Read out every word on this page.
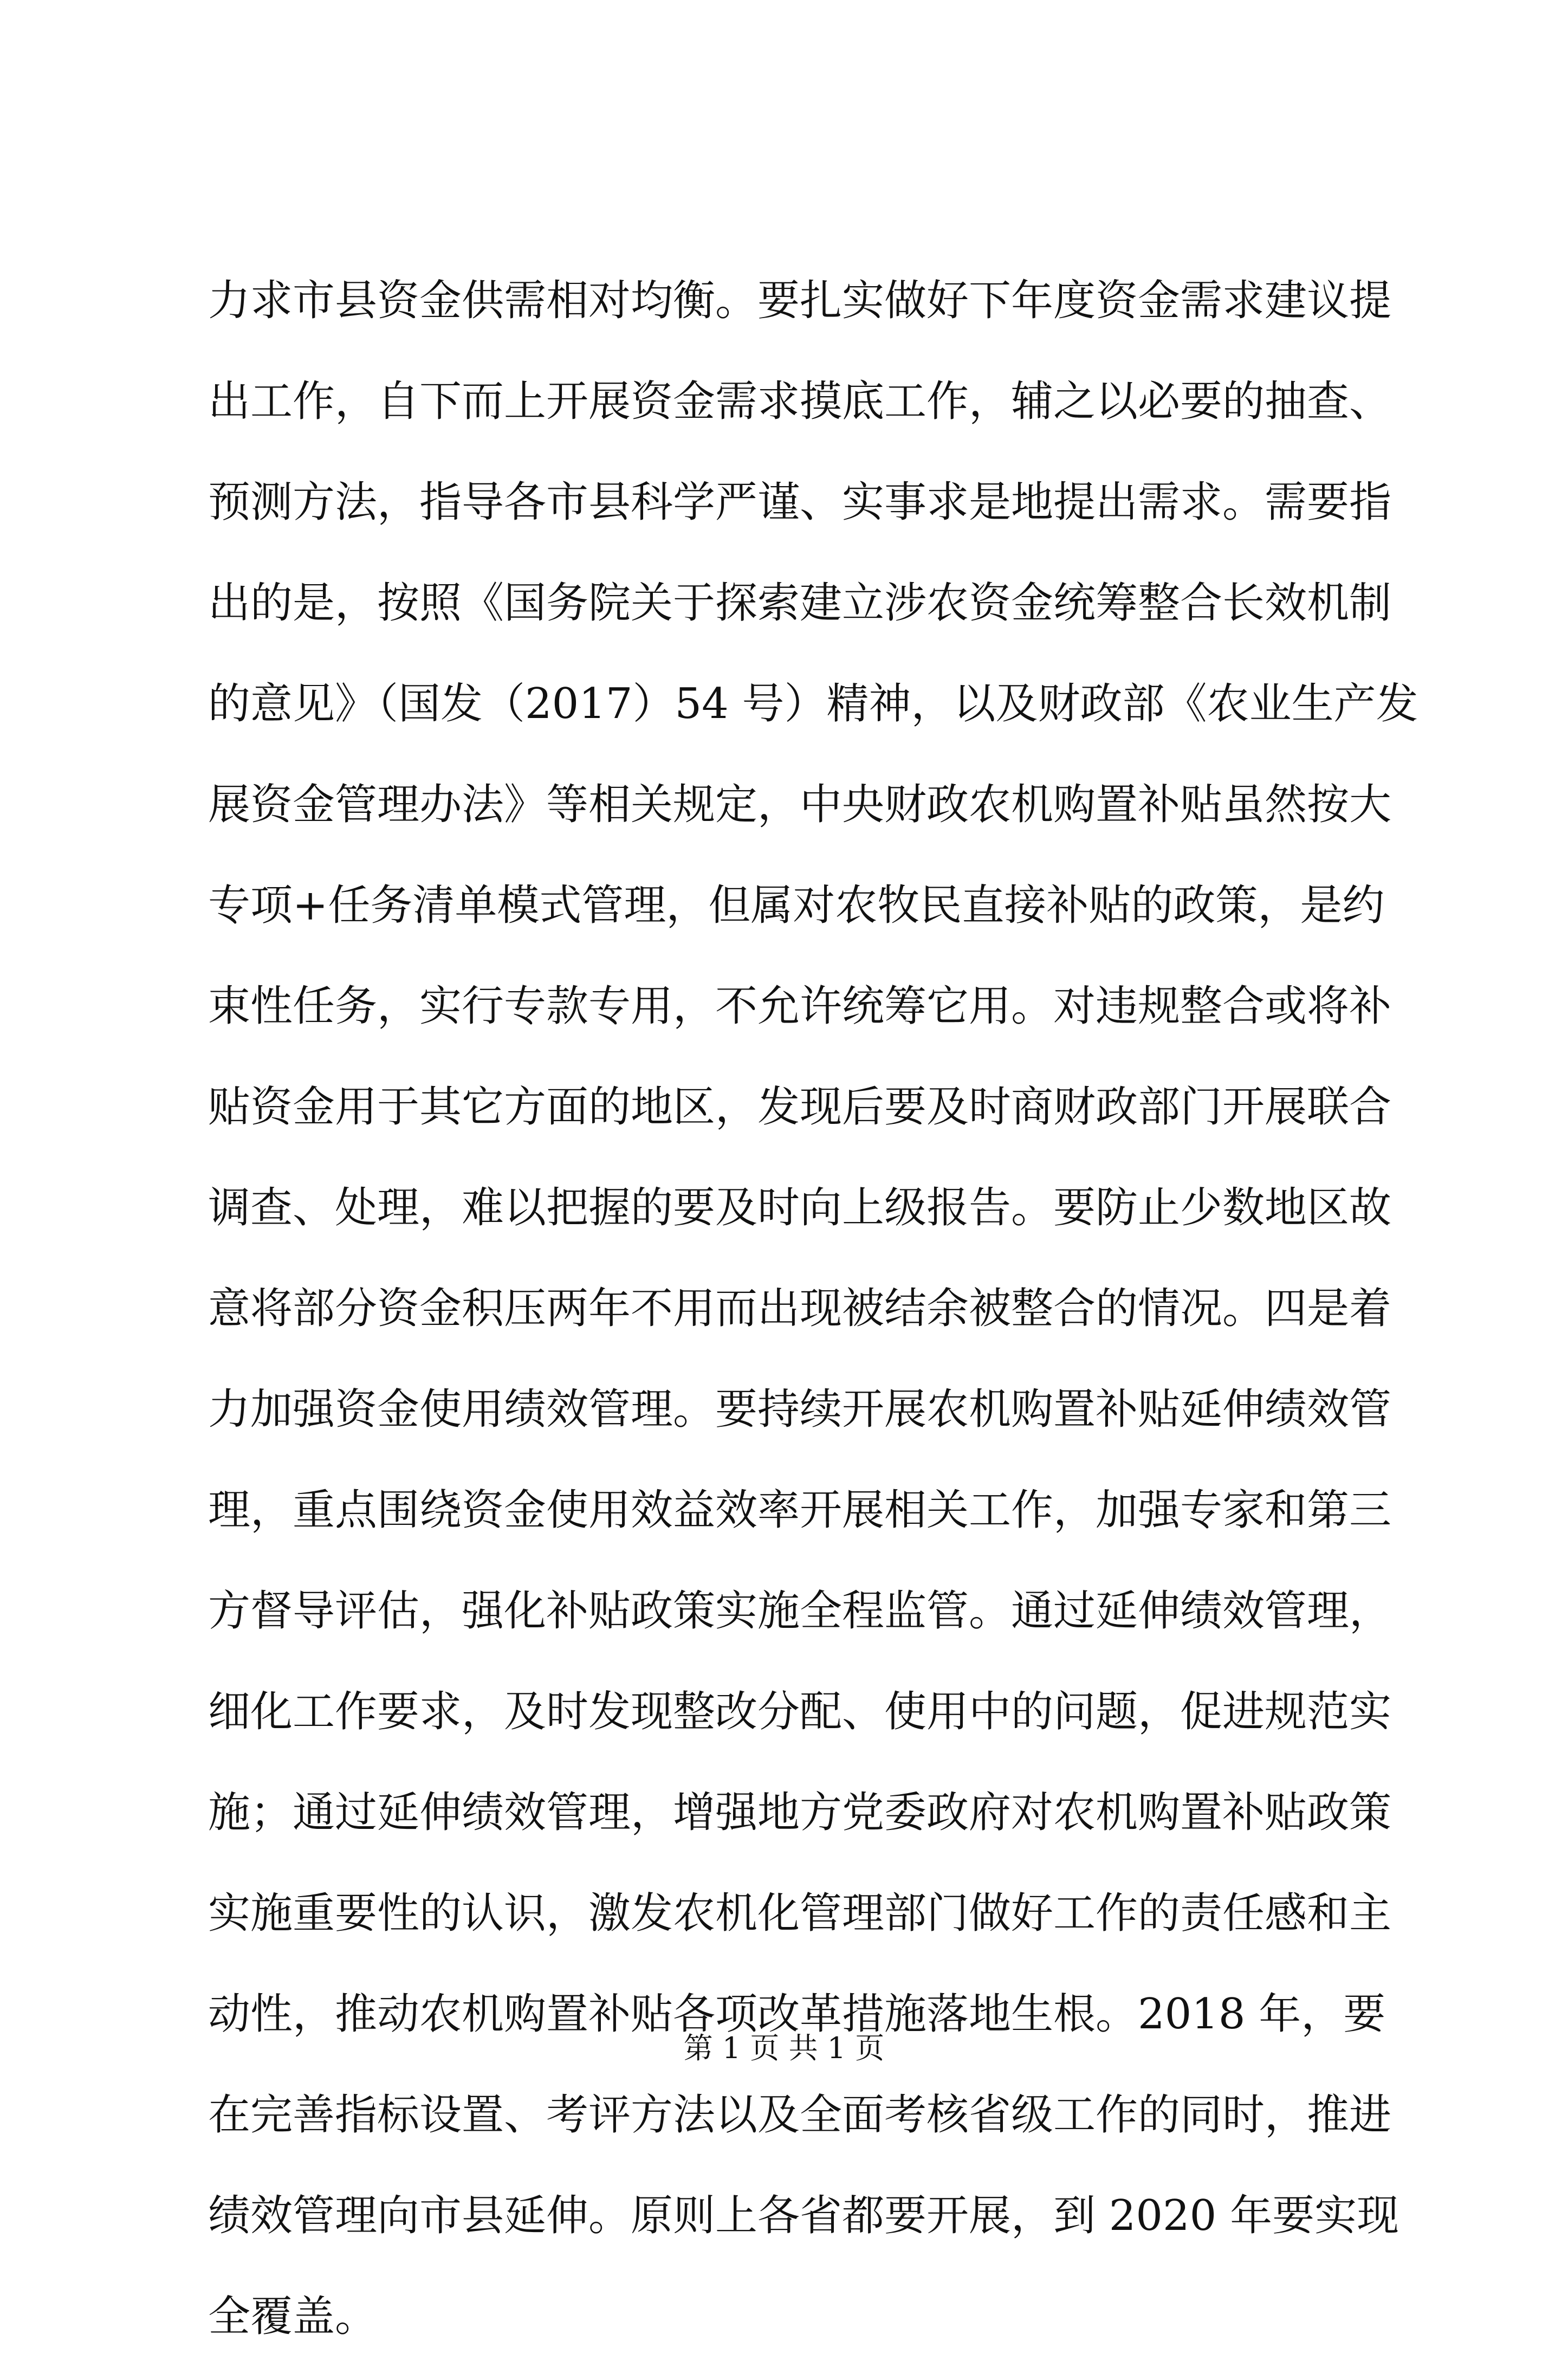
力求市县资金供需相对均衡。要扎实做好下年度资金需求建议提
出工作，自下而上开展资金需求摸底工作，辅之以必要的抽查、
预测方法，指导各市县科学严谨、实事求是地提出需求。需要指
出的是，按照《国务院关于探索建立涉农资金统筹整合长效机制
的意见》（国发（2017）54 号）精神，以及财政部《农业生产发
展资金管理办法》等相关规定，中央财政农机购置补贴虽然按大
专项+任务清单模式管理，但属对农牧民直接补贴的政策，是约
束性任务，实行专款专用，不允许统筹它用。对违规整合或将补
贴资金用于其它方面的地区，发现后要及时商财政部门开展联合
调查、处理，难以把握的要及时向上级报告。要防止少数地区故
意将部分资金积压两年不用而出现被结余被整合的情况。四是着
力加强资金使用绩效管理。要持续开展农机购置补贴延伸绩效管
理，重点围绕资金使用效益效率开展相关工作，加强专家和第三
方督导评估，强化补贴政策实施全程监管。通过延伸绩效管理，
细化工作要求，及时发现整改分配、使用中的问题，促进规范实
施；通过延伸绩效管理，增强地方党委政府对农机购置补贴政策
实施重要性的认识，激发农机化管理部门做好工作的责任感和主
动性，推动农机购置补贴各项改革措施落地生根。2018 年，要
在完善指标设置、考评方法以及全面考核省级工作的同时，推进
绩效管理向市县延伸。原则上各省都要开展，到 2020 年要实现
全覆盖。
第 1 页 共 1 页
